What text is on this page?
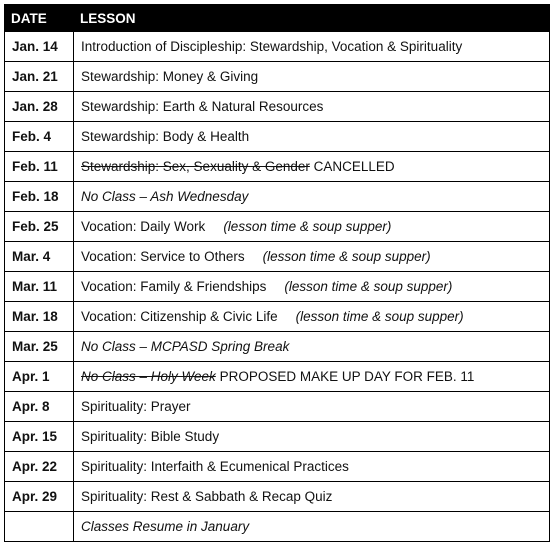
DATE	LESSON
Jan. 14	Introduction of Discipleship: Stewardship, Vocation & Spirituality
Jan. 21	Stewardship: Money & Giving
Jan. 28	Stewardship: Earth & Natural Resources
Feb. 4	Stewardship: Body & Health
Feb. 11	Stewardship: Sex, Sexuality & Gender CANCELLED
Feb. 18	No Class – Ash Wednesday
Feb. 25	Vocation: Daily Work (lesson time & soup supper)
Mar. 4	Vocation: Service to Others (lesson time & soup supper)
Mar. 11	Vocation: Family & Friendships (lesson time & soup supper)
Mar. 18	Vocation: Citizenship & Civic Life (lesson time & soup supper)
Mar. 25	No Class – MCPASD Spring Break
Apr. 1	No Class – Holy Week PROPOSED MAKE UP DAY FOR FEB. 11
Apr. 8	Spirituality: Prayer
Apr. 15	Spirituality: Bible Study
Apr. 22	Spirituality: Interfaith & Ecumenical Practices
Apr. 29	Spirituality: Rest & Sabbath & Recap Quiz
	Classes Resume in January
